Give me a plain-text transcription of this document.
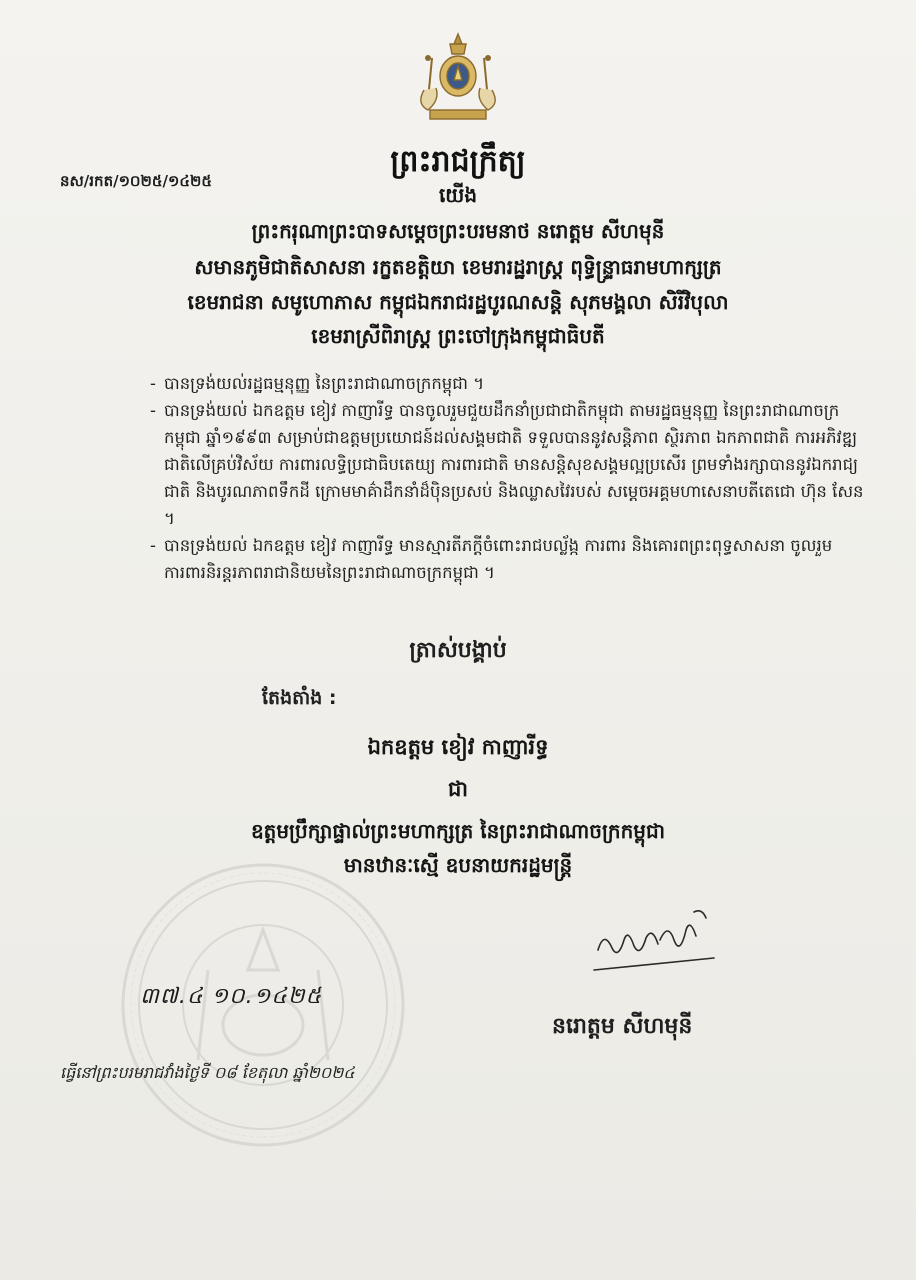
ព្រះរាជក្រឹត្យ
នស/រកត/១០២៥/១៤២៥
យើង
ព្រះករុណាព្រះបាទសម្តេចព្រះបរមនាថ នរោត្តម សីហមុនី
សមានភូមិជាតិសាសនា រក្ខតខត្តិយា ខេមរារដ្ឋរាស្ត្រ ពុទ្ធិន្ទ្រាធរាមហាក្សត្រ
ខេមរាជនា សមូហោភាស កម្ពុជឯករាជរដ្ឋបូរណសន្តិ សុភមង្គលា សិរីវិបុលា
ខេមរាស្រីពិរាស្ត្រ ព្រះចៅក្រុងកម្ពុជាធិបតី

- បានទ្រង់យល់រដ្ឋធម្មនុញ្ញ នៃព្រះរាជាណាចក្រកម្ពុជា ។

- បានទ្រង់យល់ ឯកឧត្តម ខៀវ កាញារីទ្ធ បានចូលរួមជួយដឹកនាំប្រជាជាតិកម្ពុជា តាមរដ្ឋធម្មនុញ្ញ នៃព្រះរាជាណាចក្រកម្ពុជា ឆ្នាំ១៩៩៣ សម្រាប់ជាឧត្តមប្រយោជន៍ដល់សង្គមជាតិ ទទួលបាននូវសន្តិភាព ស្ថិរភាព ឯកភាពជាតិ ការអភិវឌ្ឍជាតិលើគ្រប់វិស័យ ការពារលទ្ធិប្រជាធិបតេយ្យ ការពារជាតិ មានសន្តិសុខសង្គមល្អប្រសើរ ព្រមទាំងរក្សាបាននូវឯករាជ្យជាតិ និងបូរណភាពទឹកដី ក្រោមមាគ៌ាដឹកនាំដ៏ប៉ិនប្រសប់ និងឈ្លាសវៃរបស់ សម្តេចអគ្គមហាសេនាបតីតេជោ ហ៊ុន សែន ។

- បានទ្រង់យល់ ឯកឧត្តម ខៀវ កាញារីទ្ធ មានស្មារតីភក្តីចំពោះរាជបល្ល័ង្ក ការពារ និងគោរពព្រះពុទ្ធសាសនា ចូលរួមការពារនិរន្តរភាពរាជានិយមនៃព្រះរាជាណាចក្រកម្ពុជា ។

ត្រាស់បង្គាប់
តែងតាំង :
ឯកឧត្តម ខៀវ កាញារីទ្ធ
ជា
ឧត្តមប្រឹក្សាផ្ទាល់ព្រះមហាក្សត្រ នៃព្រះរាជាណាចក្រកម្ពុជា
មានឋានៈស្មើ ឧបនាយករដ្ឋមន្ត្រី
៣៧.៤ ១០.១៤២៥
ធ្វើនៅព្រះបរមរាជវាំងថ្ងៃទី ០៨ ខែតុលា ឆ្នាំ២០២៤
នរោត្តម សីហមុនី
